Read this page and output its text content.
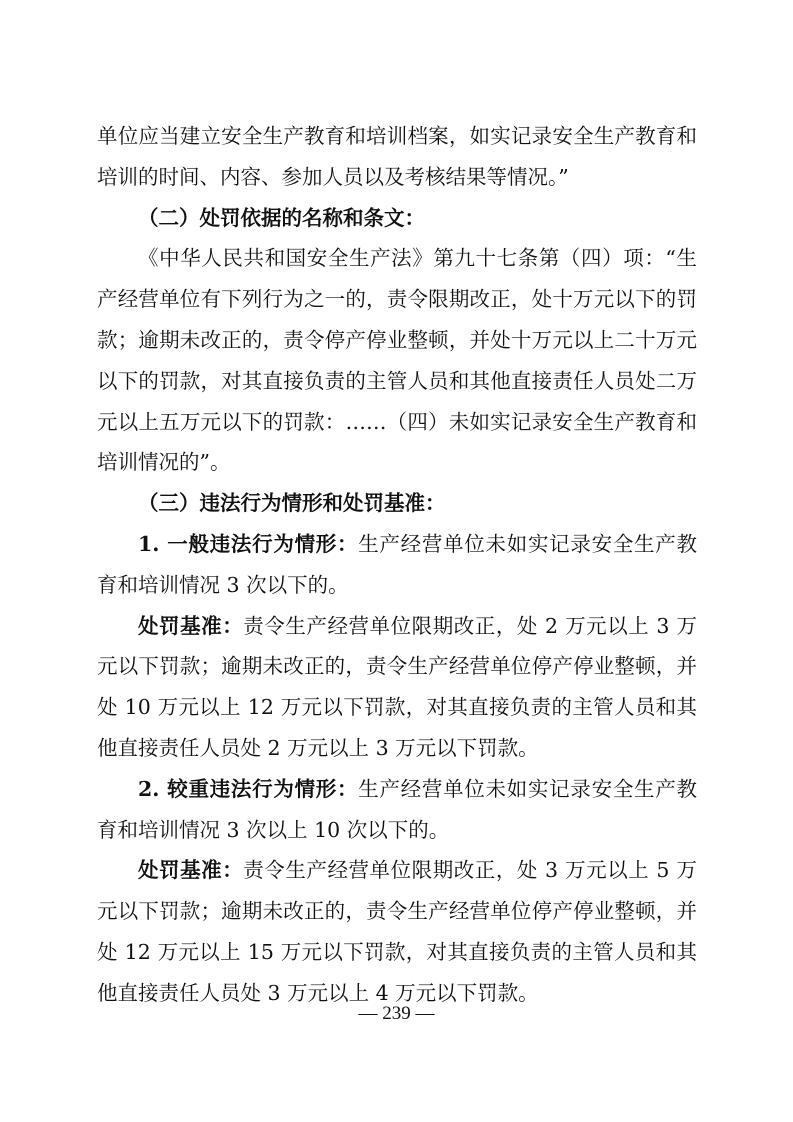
单位应当建立安全生产教育和培训档案，如实记录安全生产教育和培训的时间、内容、参加人员以及考核结果等情况。”

（二）处罚依据的名称和条文：

《中华人民共和国安全生产法》第九十七条第（四）项：“生产经营单位有下列行为之一的，责令限期改正，处十万元以下的罚款；逾期未改正的，责令停产停业整顿，并处十万元以上二十万元以下的罚款，对其直接负责的主管人员和其他直接责任人员处二万元以上五万元以下的罚款：……（四）未如实记录安全生产教育和培训情况的”。

（三）违法行为情形和处罚基准：

1. 一般违法行为情形：生产经营单位未如实记录安全生产教育和培训情况 3 次以下的。

处罚基准：责令生产经营单位限期改正，处 2 万元以上 3 万元以下罚款；逾期未改正的，责令生产经营单位停产停业整顿，并处 10 万元以上 12 万元以下罚款，对其直接负责的主管人员和其他直接责任人员处 2 万元以上 3 万元以下罚款。

2. 较重违法行为情形：生产经营单位未如实记录安全生产教育和培训情况 3 次以上 10 次以下的。

处罚基准：责令生产经营单位限期改正，处 3 万元以上 5 万元以下罚款；逾期未改正的，责令生产经营单位停产停业整顿，并处 12 万元以上 15 万元以下罚款，对其直接负责的主管人员和其他直接责任人员处 3 万元以上 4 万元以下罚款。

— 239 —
